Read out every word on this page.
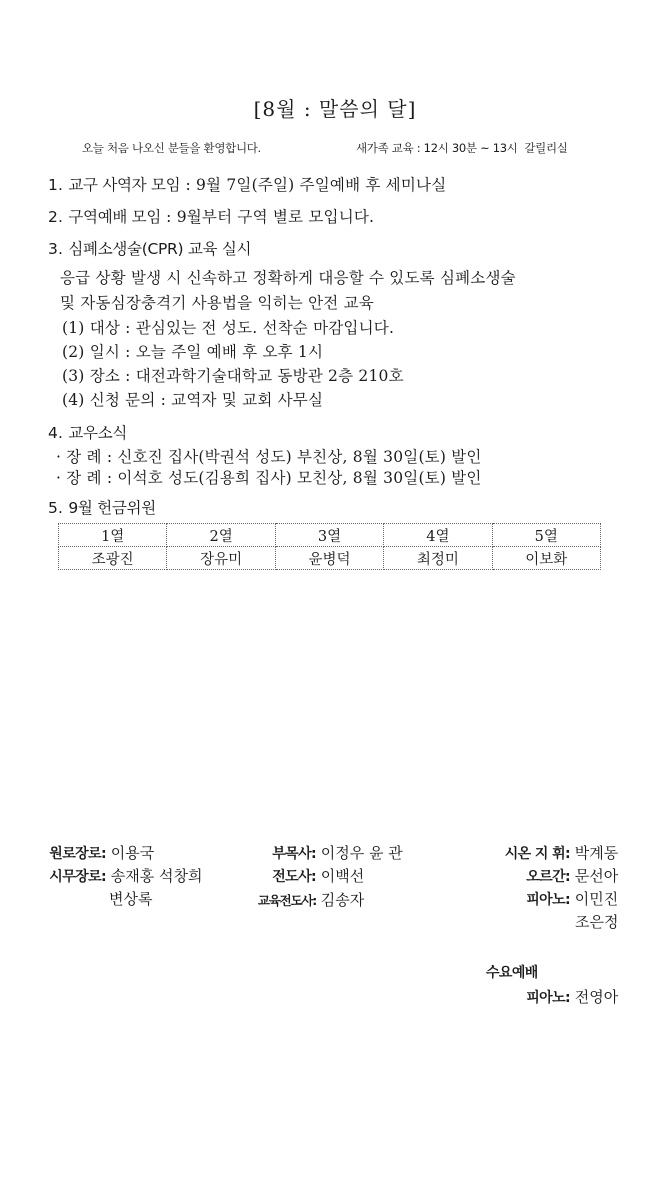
[8월 : 말씀의 달]
오늘 처음 나오신 분들을 환영합니다.	새가족 교육 : 12시 30분 ~ 13시  갈릴리실
1. 교구 사역자 모임 : 9월 7일(주일) 주일예배 후 세미나실
2. 구역예배 모임 : 9월부터 구역 별로 모입니다.
3. 심폐소생술(CPR) 교육 실시
응급 상황 발생 시 신속하고 정확하게 대응할 수 있도록 심폐소생술
및 자동심장충격기 사용법을 익히는 안전 교육
(1) 대상 : 관심있는 전 성도. 선착순 마감입니다.
(2) 일시 : 오늘 주일 예배 후 오후 1시
(3) 장소 : 대전과학기술대학교 동방관 2층 210호
(4) 신청 문의 : 교역자 및 교회 사무실
4. 교우소식
· 장 례 : 신호진 집사(박권석 성도) 부친상, 8월 30일(토) 발인
· 장 례 : 이석호 성도(김용희 집사) 모친상, 8월 30일(토) 발인
5. 9월 헌금위원
1열	2열	3열	4열	5열
조광진	장유미	윤병덕	최정미	이보화
원로장로: 이용국
시무장로: 송재홍 석창희
변상록
부목사: 이정우 윤 관
전도사: 이백선
교육전도사: 김송자
시온 지 휘: 박계동
오르간: 문선아
피아노: 이민진
조은정
수요예배
피아노: 전영아
